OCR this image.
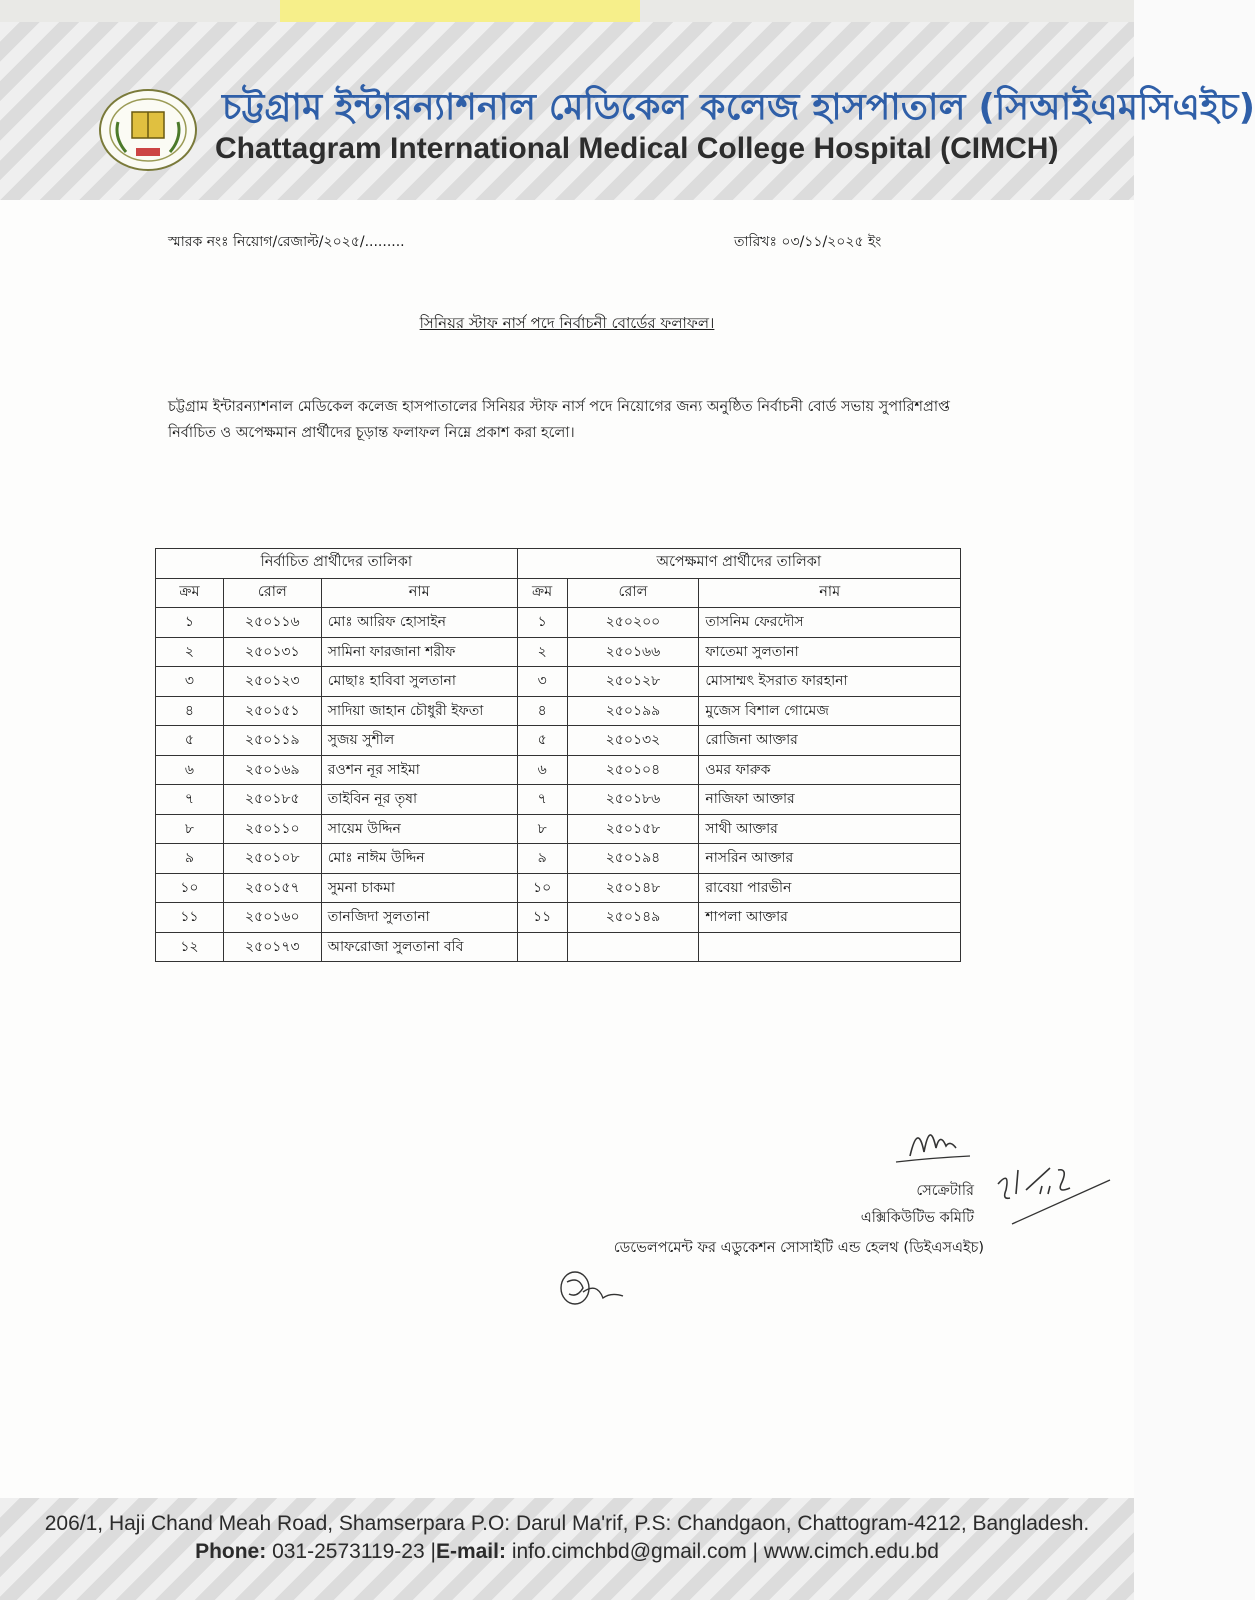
চট্টগ্রাম ইন্টারন্যাশনাল মেডিকেল কলেজ হাসপাতাল (সিআইএমসিএইচ)
Chattagram International Medical College Hospital (CIMCH)
স্মারক নংঃ নিয়োগ/রেজাল্ট/২০২৫/.........	তারিখঃ ০৩/১১/২০২৫ ইং
সিনিয়র স্টাফ নার্স পদে নির্বাচনী বোর্ডের ফলাফল।
চট্টগ্রাম ইন্টারন্যাশনাল মেডিকেল কলেজ হাসপাতালের সিনিয়র স্টাফ নার্স পদে নিয়োগের জন্য অনুষ্ঠিত নির্বাচনী বোর্ড সভায় সুপারিশপ্রাপ্ত নির্বাচিত ও অপেক্ষমান প্রার্থীদের চূড়ান্ত ফলাফল নিম্নে প্রকাশ করা হলো।
নির্বাচিত প্রার্থীদের তালিকা			অপেক্ষমাণ প্রার্থীদের তালিকা		
ক্রম	রোল	নাম	ক্রম	রোল	নাম
১	২৫০১১৬	মোঃ আরিফ হোসাইন	১	২৫০২০০	তাসনিম ফেরদৌস
২	২৫০১৩১	সামিনা ফারজানা শরীফ	২	২৫০১৬৬	ফাতেমা সুলতানা
৩	২৫০১২৩	মোছাঃ হাবিবা সুলতানা	৩	২৫০১২৮	মোসাম্মৎ ইসরাত ফারহানা
৪	২৫০১৫১	সাদিয়া জাহান চৌধুরী ইফতা	৪	২৫০১৯৯	মুজেস বিশাল গোমেজ
৫	২৫০১১৯	সুজয় সুশীল	৫	২৫০১৩২	রোজিনা আক্তার
৬	২৫০১৬৯	রওশন নূর সাইমা	৬	২৫০১০৪	ওমর ফারুক
৭	২৫০১৮৫	তাইবিন নূর তৃষা	৭	২৫০১৮৬	নাজিফা আক্তার
৮	২৫০১১০	সায়েম উদ্দিন	৮	২৫০১৫৮	সাথী আক্তার
৯	২৫০১০৮	মোঃ নাঈম উদ্দিন	৯	২৫০১৯৪	নাসরিন আক্তার
১০	২৫০১৫৭	সুমনা চাকমা	১০	২৫০১৪৮	রাবেয়া পারভীন
১১	২৫০১৬০	তানজিদা সুলতানা	১১	২৫০১৪৯	শাপলা আক্তার
১২	২৫০১৭৩	আফরোজা সুলতানা ববি			
সেক্রেটারি
এক্সিকিউটিভ কমিটি
ডেভেলপমেন্ট ফর এডুকেশন সোসাইটি এন্ড হেলথ (ডিইএসএইচ)
206/1, Haji Chand Meah Road, Shamserpara P.O: Darul Ma'rif, P.S: Chandgaon, Chattogram-4212, Bangladesh.
Phone: 031-2573119-23 |E-mail: info.cimchbd@gmail.com | www.cimch.edu.bd
